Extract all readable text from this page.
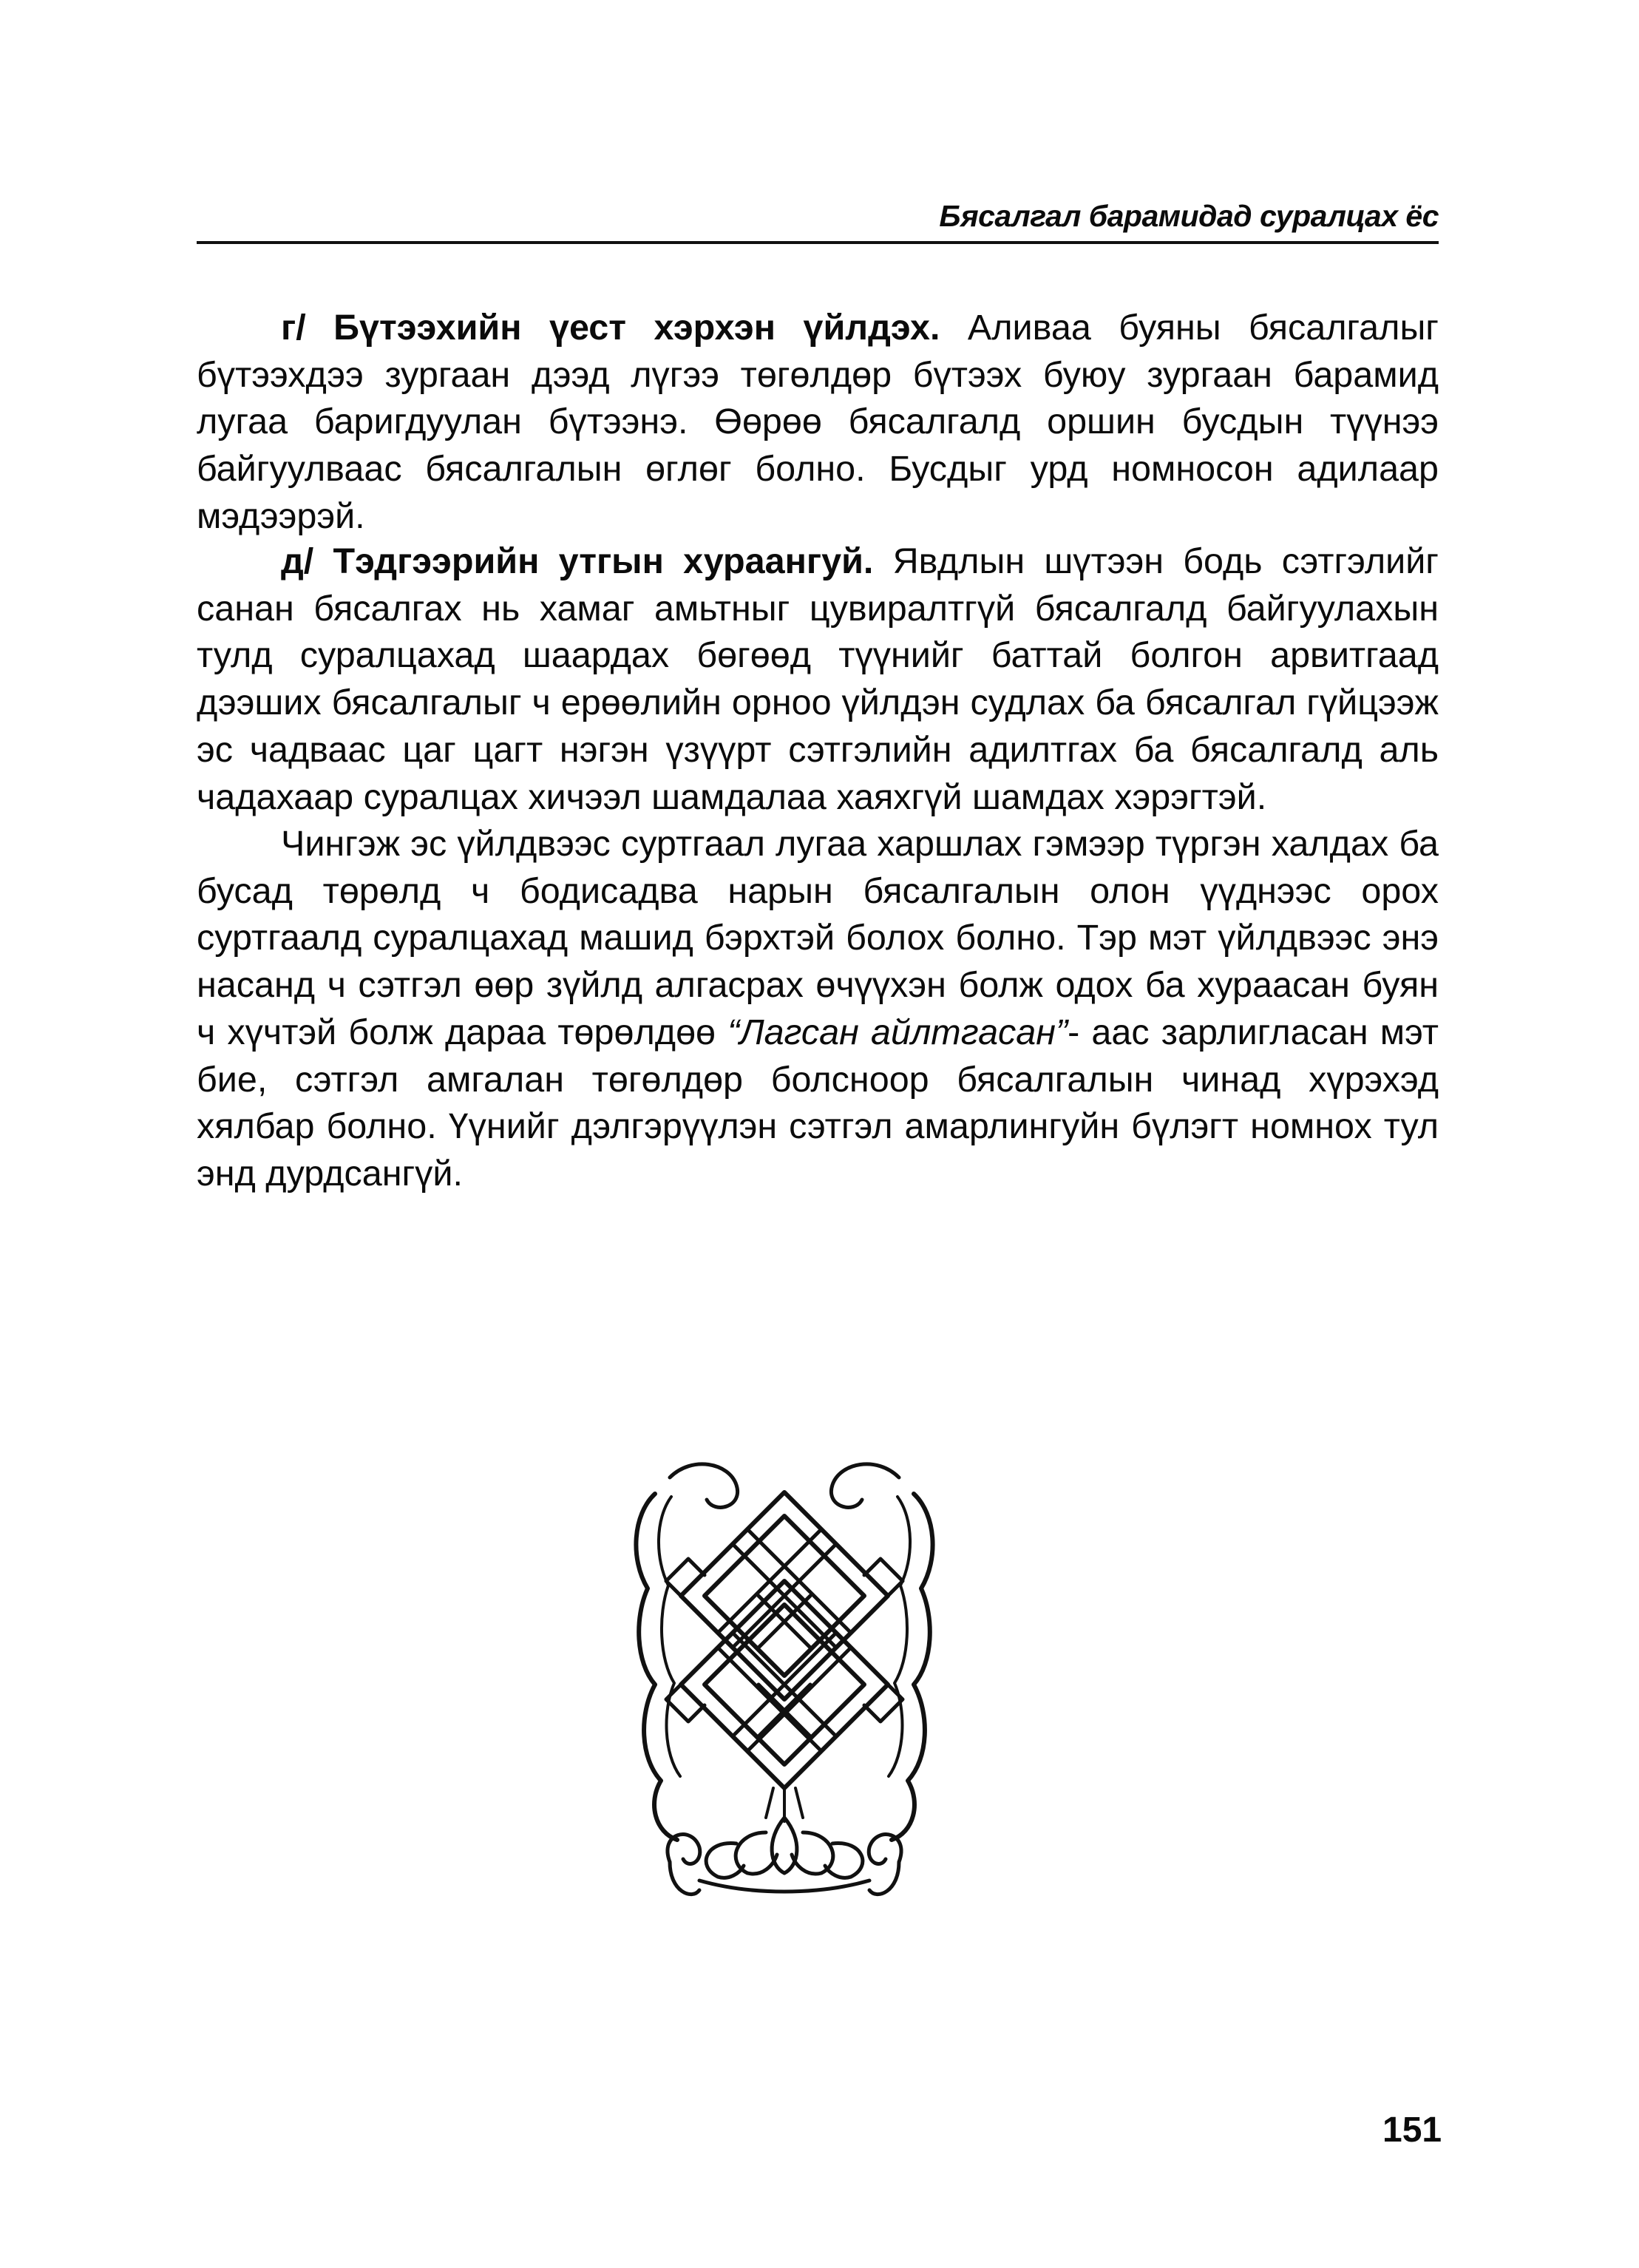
Бясалгал барамидад суралцах ёс

г/ Бүтээхийн үест хэрхэн үйлдэх. Аливаа буяны бясалгалыг бүтээхдээ зургаан дээд лүгээ төгөлдөр бүтээх буюу зургаан барамид лугаа баригдуулан бүтээнэ. Өөрөө бясалгалд оршин бусдын түүнээ байгуулваас бясалгалын өглөг болно. Бусдыг урд номносон адилаар мэдээрэй.

д/ Тэдгээрийн утгын хураангуй. Явдлын шүтээн бодь сэтгэлийг санан бясалгах нь хамаг амьтныг цувиралтгүй бясалгалд байгуулахын тулд суралцахад шаардах бөгөөд түүнийг баттай болгон арвитгаад дээших бясалгалыг ч ерөөлийн орноо үйлдэн судлах ба бясалгал гүйцээж эс чадваас цаг цагт нэгэн үзүүрт сэтгэлийн адилтгах ба бясалгалд аль чадахаар суралцах хичээл шамдалаа хаяхгүй шамдах хэрэгтэй.

Чингэж эс үйлдвээс суртгаал лугаа харшлах гэмээр түргэн халдах ба бусад төрөлд ч бодисадва нарын бясалгалын олон үүднээс орох суртгаалд суралцахад машид бэрхтэй болох болно. Тэр мэт үйлдвээс энэ насанд ч сэтгэл өөр зүйлд алгасрах өчүүхэн болж одох ба хураасан буян ч хүчтэй болж дараа төрөлдөө “Лагсан айлтгасан”- аас зарлигласан мэт бие, сэтгэл амгалан төгөлдөр болсноор бясалгалын чинад хүрэхэд хялбар болно. Үүнийг дэлгэрүүлэн сэтгэл амарлингуйн бүлэгт номнох тул энд дурдсангүй.

151
